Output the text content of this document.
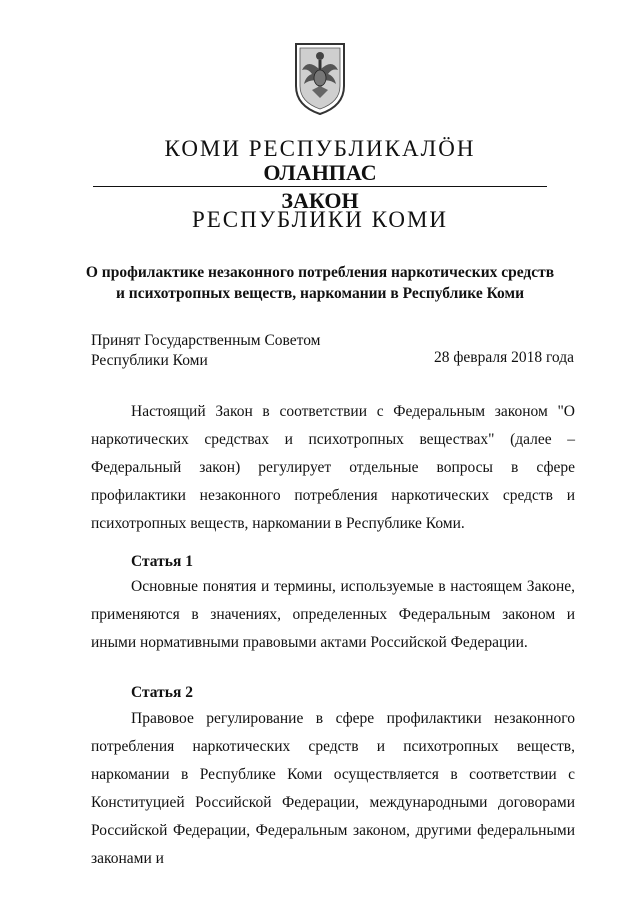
КОМИ РЕСПУБЛИКАЛÖН
ОЛАНПАС
ЗАКОН
РЕСПУБЛИКИ КОМИ
О профилактике незаконного потребления наркотических средств
и психотропных веществ, наркомании в Республике Коми
Принят Государственным Советом
Республики Коми	28 февраля 2018 года

Настоящий Закон в соответствии с Федеральным законом "О наркотических средствах и психотропных веществах" (далее – Федеральный закон) регулирует отдельные вопросы в сфере профилактики незаконного потребления наркотических средств и психотропных веществ, наркомании в Республике Коми.

Статья 1

Основные понятия и термины, используемые в настоящем Законе, применяются в значениях, определенных Федеральным законом и иными нормативными правовыми актами Российской Федерации.

Статья 2

Правовое регулирование в сфере профилактики незаконного потребления наркотических средств и психотропных веществ, наркомании в Республике Коми осуществляется в соответствии с Конституцией Российской Федерации, международными договорами Российской Федерации, Федеральным законом, другими федеральными законами и
